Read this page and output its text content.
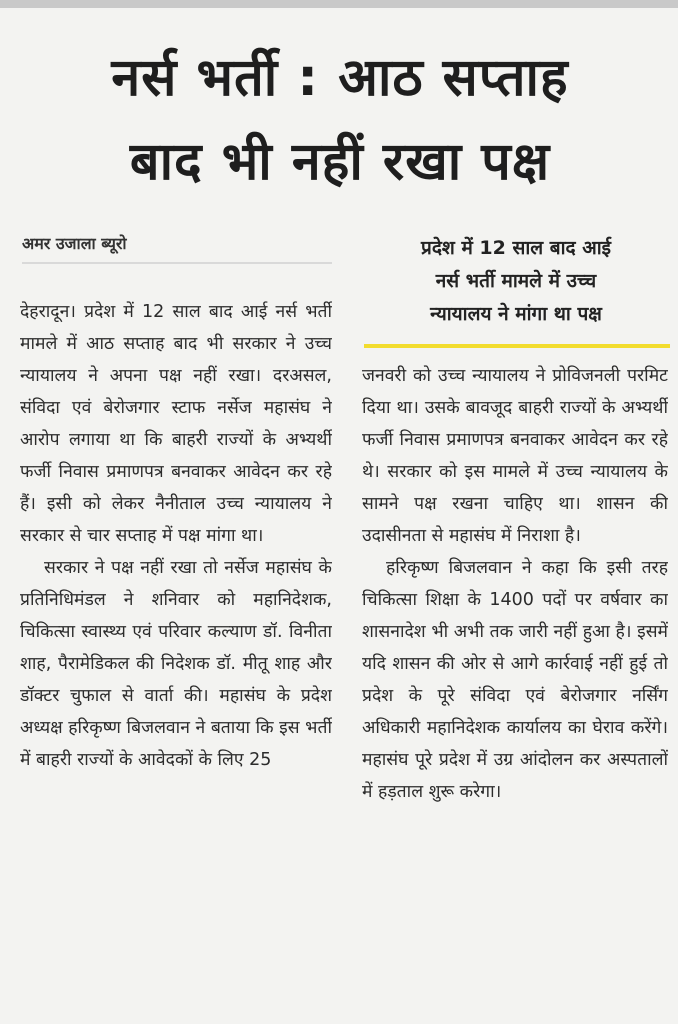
नर्स भर्ती : आठ सप्ताह
बाद भी नहीं रखा पक्ष
अमर उजाला ब्यूरो

देहरादून। प्रदेश में 12 साल बाद आई नर्स भर्ती मामले में आठ सप्ताह बाद भी सरकार ने उच्च न्यायालय ने अपना पक्ष नहीं रखा। दरअसल, संविदा एवं बेरोजगार स्टाफ नर्सेज महासंघ ने आरोप लगाया था कि बाहरी राज्यों के अभ्यर्थी फर्जी निवास प्रमाणपत्र बनवाकर आवेदन कर रहे हैं। इसी को लेकर नैनीताल उच्च न्यायालय ने सरकार से चार सप्ताह में पक्ष मांगा था।

सरकार ने पक्ष नहीं रखा तो नर्सेज महासंघ के प्रतिनिधिमंडल ने शनिवार को महानिदेशक, चिकित्सा स्वास्थ्य एवं परिवार कल्याण डॉ. विनीता शाह, पैरामेडिकल की निदेशक डॉ. मीतू शाह और डॉक्टर चुफाल से वार्ता की। महासंघ के प्रदेश अध्यक्ष हरिकृष्ण बिजलवान ने बताया कि इस भर्ती में बाहरी राज्यों के आवेदकों के लिए 25

प्रदेश में 12 साल बाद आई
नर्स भर्ती मामले में उच्च
न्यायालय ने मांगा था पक्ष

जनवरी को उच्च न्यायालय ने प्रोविजनली परमिट दिया था। उसके बावजूद बाहरी राज्यों के अभ्यर्थी फर्जी निवास प्रमाणपत्र बनवाकर आवेदन कर रहे थे। सरकार को इस मामले में उच्च न्यायालय के सामने पक्ष रखना चाहिए था। शासन की उदासीनता से महासंघ में निराशा है।

हरिकृष्ण बिजलवान ने कहा कि इसी तरह चिकित्सा शिक्षा के 1400 पदों पर वर्षवार का शासनादेश भी अभी तक जारी नहीं हुआ है। इसमें यदि शासन की ओर से आगे कार्रवाई नहीं हुई तो प्रदेश के पूरे संविदा एवं बेरोजगार नर्सिंग अधिकारी महानिदेशक कार्यालय का घेराव करेंगे। महासंघ पूरे प्रदेश में उग्र आंदोलन कर अस्पतालों में हड़ताल शुरू करेगा।
